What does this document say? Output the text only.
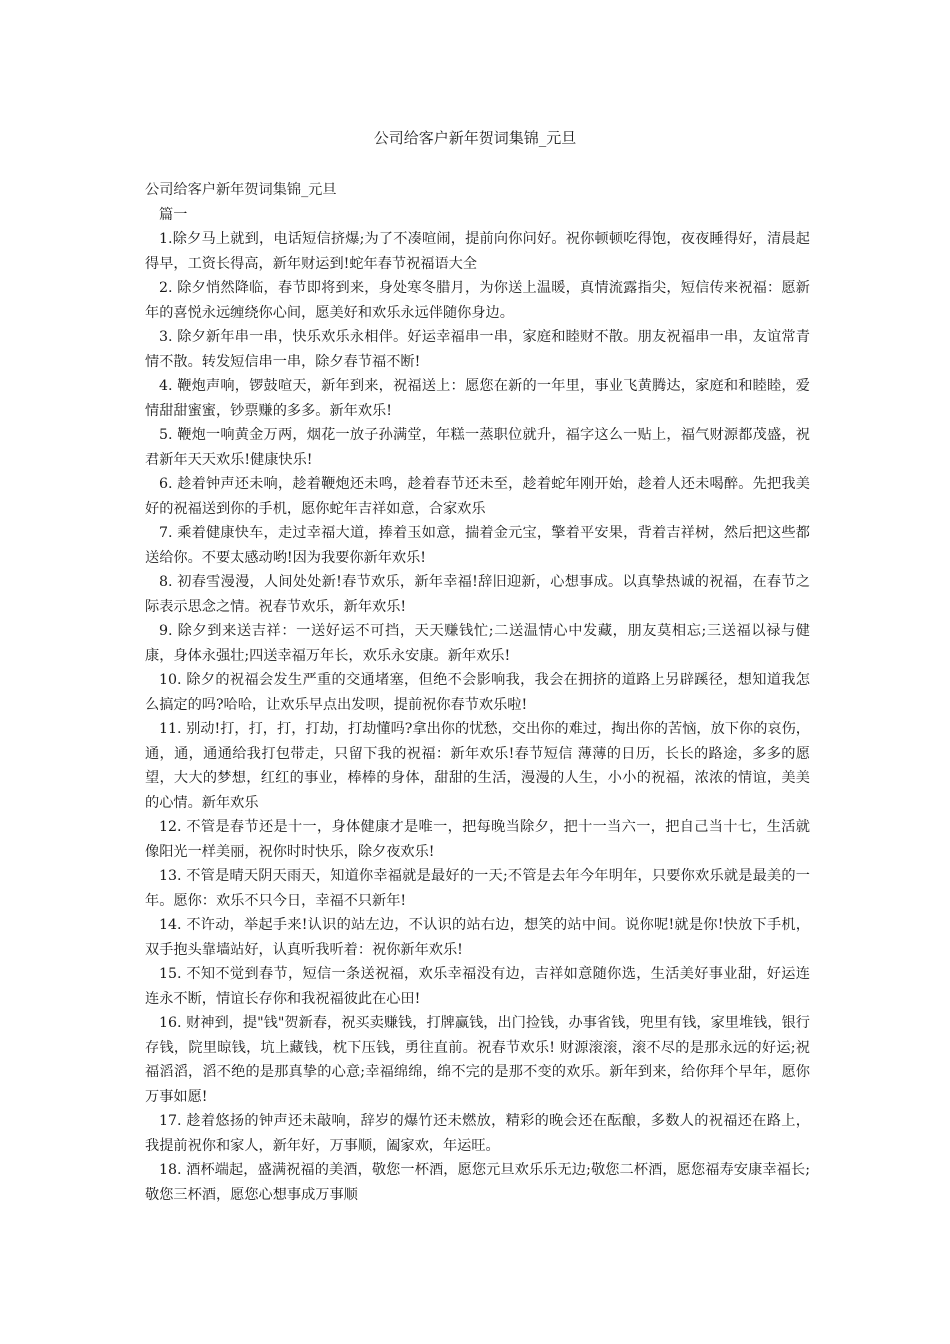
公司给客户新年贺词集锦_元旦

公司给客户新年贺词集锦_元旦

篇一

1.除夕马上就到，电话短信挤爆;为了不凑喧闹，提前向你问好。祝你顿顿吃得饱，夜夜睡得好，清晨起得早，工资长得高，新年财运到!蛇年春节祝福语大全

2. 除夕悄然降临，春节即将到来，身处寒冬腊月，为你送上温暖，真情流露指尖，短信传来祝福：愿新年的喜悦永远缠绕你心间，愿美好和欢乐永远伴随你身边。

3. 除夕新年串一串，快乐欢乐永相伴。好运幸福串一串，家庭和睦财不散。朋友祝福串一串，友谊常青情不散。转发短信串一串，除夕春节福不断!

4. 鞭炮声响，锣鼓喧天，新年到来，祝福送上：愿您在新的一年里，事业飞黄腾达，家庭和和睦睦，爱情甜甜蜜蜜，钞票赚的多多。新年欢乐!

5. 鞭炮一响黄金万两，烟花一放子孙满堂，年糕一蒸职位就升，福字这么一贴上，福气财源都茂盛，祝君新年天天欢乐!健康快乐!

6. 趁着钟声还未响，趁着鞭炮还未鸣，趁着春节还未至，趁着蛇年刚开始，趁着人还未喝醉。先把我美好的祝福送到你的手机，愿你蛇年吉祥如意，合家欢乐

7. 乘着健康快车，走过幸福大道，捧着玉如意，揣着金元宝，擎着平安果，背着吉祥树，然后把这些都送给你。不要太感动哟!因为我要你新年欢乐!

8. 初春雪漫漫，人间处处新!春节欢乐，新年幸福!辞旧迎新，心想事成。以真挚热诚的祝福，在春节之际表示思念之情。祝春节欢乐，新年欢乐!

9. 除夕到来送吉祥：一送好运不可挡，天天赚钱忙;二送温情心中发藏，朋友莫相忘;三送福以禄与健康，身体永强壮;四送幸福万年长，欢乐永安康。新年欢乐!

10. 除夕的祝福会发生严重的交通堵塞，但绝不会影响我，我会在拥挤的道路上另辟蹊径，想知道我怎么搞定的吗?哈哈，让欢乐早点出发呗，提前祝你春节欢乐啦!

11. 别动!打，打，打，打劫，打劫懂吗?拿出你的忧愁，交出你的难过，掏出你的苦恼，放下你的哀伤，通，通，通通给我打包带走，只留下我的祝福：新年欢乐!春节短信 薄薄的日历，长长的路途，多多的愿望，大大的梦想，红红的事业，棒棒的身体，甜甜的生活，漫漫的人生，小小的祝福，浓浓的情谊，美美的心情。新年欢乐

12. 不管是春节还是十一，身体健康才是唯一，把每晚当除夕，把十一当六一，把自己当十七，生活就像阳光一样美丽，祝你时时快乐，除夕夜欢乐!

13. 不管是晴天阴天雨天，知道你幸福就是最好的一天;不管是去年今年明年，只要你欢乐就是最美的一年。愿你：欢乐不只今日，幸福不只新年!

14. 不许动，举起手来!认识的站左边，不认识的站右边，想笑的站中间。说你呢!就是你!快放下手机，双手抱头靠墙站好，认真听我听着：祝你新年欢乐!

15. 不知不觉到春节，短信一条送祝福，欢乐幸福没有边，吉祥如意随你选，生活美好事业甜，好运连连永不断，情谊长存你和我祝福彼此在心田!

16. 财神到，提"钱"贺新春，祝买卖赚钱，打牌赢钱，出门捡钱，办事省钱，兜里有钱，家里堆钱，银行存钱，院里晾钱，坑上藏钱，枕下压钱，勇往直前。祝春节欢乐! 财源滚滚，滚不尽的是那永远的好运;祝福滔滔，滔不绝的是那真挚的心意;幸福绵绵，绵不完的是那不变的欢乐。新年到来，给你拜个早年，愿你万事如愿!

17. 趁着悠扬的钟声还未敲响，辞岁的爆竹还未燃放，精彩的晚会还在酝酿，多数人的祝福还在路上，我提前祝你和家人，新年好，万事顺，阖家欢，年运旺。

18. 酒杯端起，盛满祝福的美酒，敬您一杯酒，愿您元旦欢乐乐无边;敬您二杯酒，愿您福寿安康幸福长;敬您三杯酒，愿您心想事成万事顺
